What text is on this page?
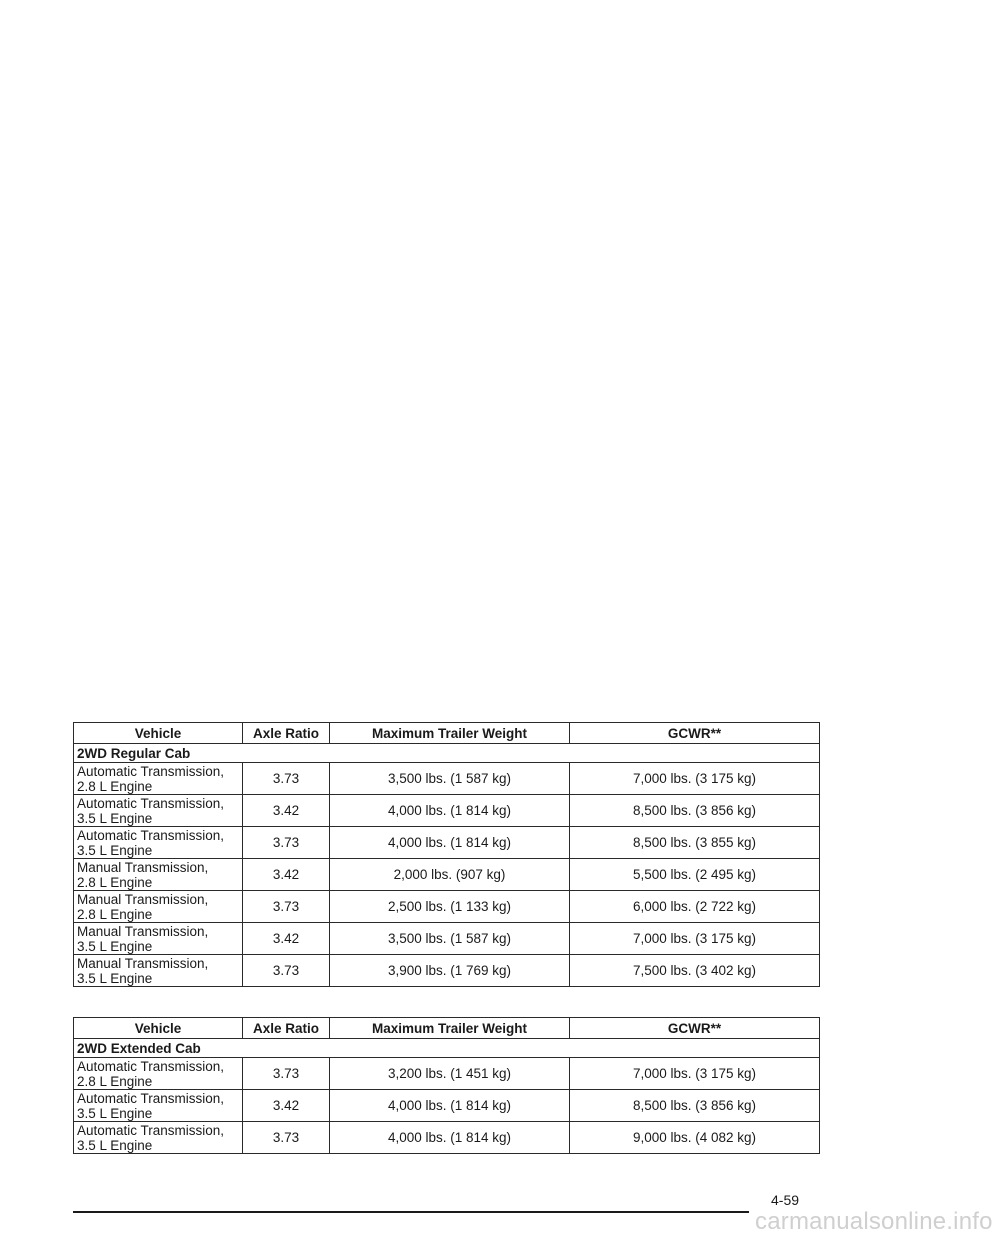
Vehicle	Axle Ratio	Maximum Trailer Weight	GCWR**
2WD Regular Cab			

Automatic Transmission,
2.8 L Engine	3.73	3,500 lbs. (1 587 kg)	7,000 lbs. (3 175 kg)

Automatic Transmission,
3.5 L Engine	3.42	4,000 lbs. (1 814 kg)	8,500 lbs. (3 856 kg)

Automatic Transmission,
3.5 L Engine	3.73	4,000 lbs. (1 814 kg)	8,500 lbs. (3 855 kg)

Manual Transmission,
2.8 L Engine	3.42	2,000 lbs. (907 kg)	5,500 lbs. (2 495 kg)

Manual Transmission,
2.8 L Engine	3.73	2,500 lbs. (1 133 kg)	6,000 lbs. (2 722 kg)

Manual Transmission,
3.5 L Engine	3.42	3,500 lbs. (1 587 kg)	7,000 lbs. (3 175 kg)

Manual Transmission,
3.5 L Engine	3.73	3,900 lbs. (1 769 kg)	7,500 lbs. (3 402 kg)
Vehicle	Axle Ratio	Maximum Trailer Weight	GCWR**
2WD Extended Cab			

Automatic Transmission,
2.8 L Engine	3.73	3,200 lbs. (1 451 kg)	7,000 lbs. (3 175 kg)

Automatic Transmission,
3.5 L Engine	3.42	4,000 lbs. (1 814 kg)	8,500 lbs. (3 856 kg)

Automatic Transmission,
3.5 L Engine	3.73	4,000 lbs. (1 814 kg)	9,000 lbs. (4 082 kg)
4-59
carmanualsonline.info
